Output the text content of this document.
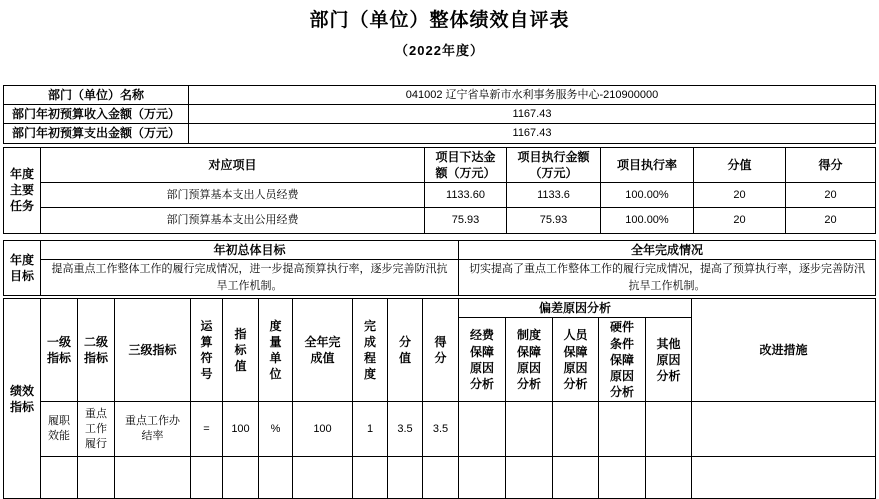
部门（单位）整体绩效自评表
（2022年度）
部门（单位）名称	041002 辽宁省阜新市水利事务服务中心-210900000
部门年初预算收入金额（万元）	1167.43
部门年初预算支出金额（万元）	1167.43
年度主要任务	对应项目	项目下达金额（万元）	项目执行金额（万元）	项目执行率	分值	得分
	部门预算基本支出人员经费	1133.60	1133.6	100.00%	20	20
	部门预算基本支出公用经费	75.93	75.93	100.00%	20	20
年度目标	年初总体目标	全年完成情况
	提高重点工作整体工作的履行完成情况，进一步提高预算执行率，逐步完善防汛抗旱工作机制。	切实提高了重点工作整体工作的履行完成情况，提高了预算执行率，逐步完善防汛抗旱工作机制。
绩效指标	一级指标	二级指标	三级指标	运算符号	指标值	度量单位	全年完成值	完成程度	分值	得分	偏差原因分析					改进措施
											经费保障原因分析	制度保障原因分析	人员保障原因分析	硬件条件保障原因分析	其他原因分析	
	履职效能	重点工作履行	重点工作办结率	=	100	%	100	1	3.5	3.5						
